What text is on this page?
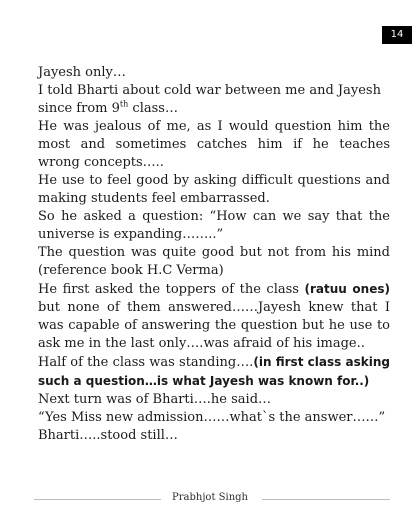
14

Jayesh only…
I told Bharti about cold war between me and Jayesh
since from 9th class…

He was jealous of me, as I would question him the most and sometimes catches him if he teaches wrong concepts…..

He use to feel good by asking difficult questions and making students feel embarrassed.

So he asked a question: “How can we say that the universe is expanding……..”

The question was quite good but not from his mind (reference book H.C Verma)

He first asked the toppers of the class (ratuu ones) but none of them answered……Jayesh knew that I was capable of answering the question but he use to ask me in the last only….was afraid of his image..

Half of the class was standing….(in first class asking such a question…is what Jayesh was known for..)

Next turn was of Bharti….he said…

“Yes Miss new admission……what`s the answer……”

Bharti…..stood still…

Prabhjot Singh
